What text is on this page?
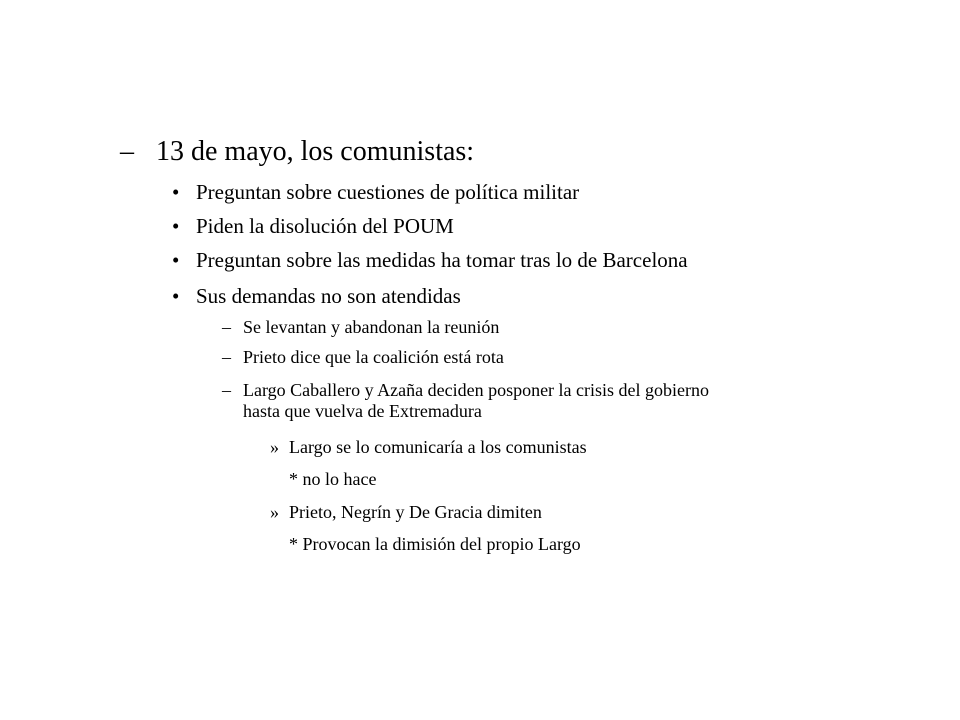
– 13 de mayo, los comunistas:
• Preguntan sobre cuestiones de política militar
• Piden la disolución del POUM
• Preguntan sobre las medidas ha tomar tras lo de Barcelona
• Sus demandas no son atendidas
– Se levantan y abandonan la reunión
– Prieto dice que la coalición está rota
– Largo Caballero y Azaña deciden posponer la crisis del gobierno
hasta que vuelva de Extremadura
» Largo se lo comunicaría a los comunistas
* no lo hace
» Prieto, Negrín y De Gracia dimiten
* Provocan la dimisión del propio Largo
